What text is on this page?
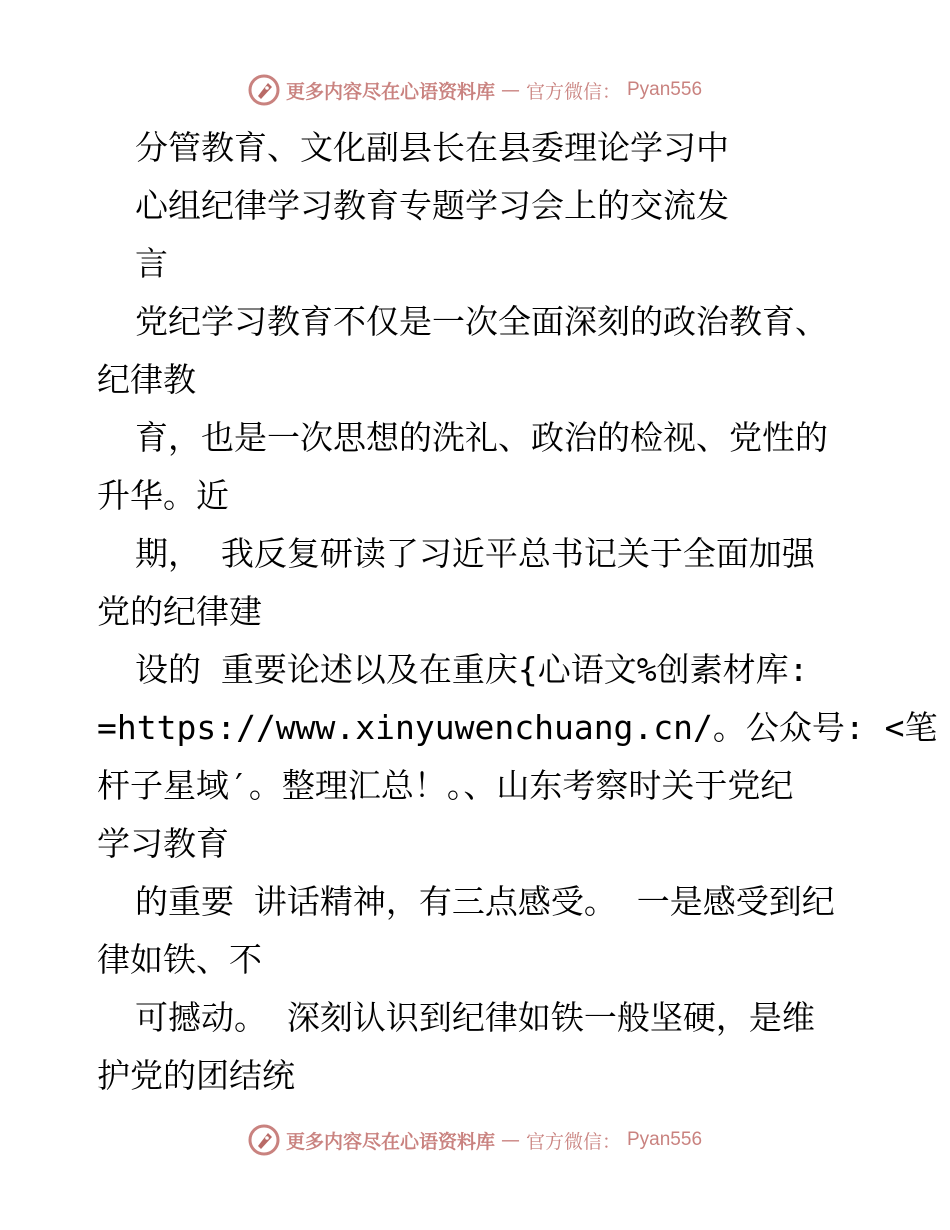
更多内容尽在心语资料库 — 官方微信： Pyan556
分管教育、文化副县长在县委理论学习中
心组纪律学习教育专题学习会上的交流发
言
党纪学习教育不仅是一次全面深刻的政治教育、
纪律教
育，也是一次思想的洗礼、政治的检视、党性的
升华。近
期， 我反复研读了习近平总书记关于全面加强
党的纪律建
设的 重要论述以及在重庆{心语文%创素材库:
=https://www.xinyuwenchuang.cn/。公众号: <笔
杆子星域′。整理汇总！。、山东考察时关于党纪
学习教育
的重要 讲话精神，有三点感受。 一是感受到纪
律如铁、不
可撼动。 深刻认识到纪律如铁一般坚硬，是维
护党的团结统
更多内容尽在心语资料库 — 官方微信： Pyan556
